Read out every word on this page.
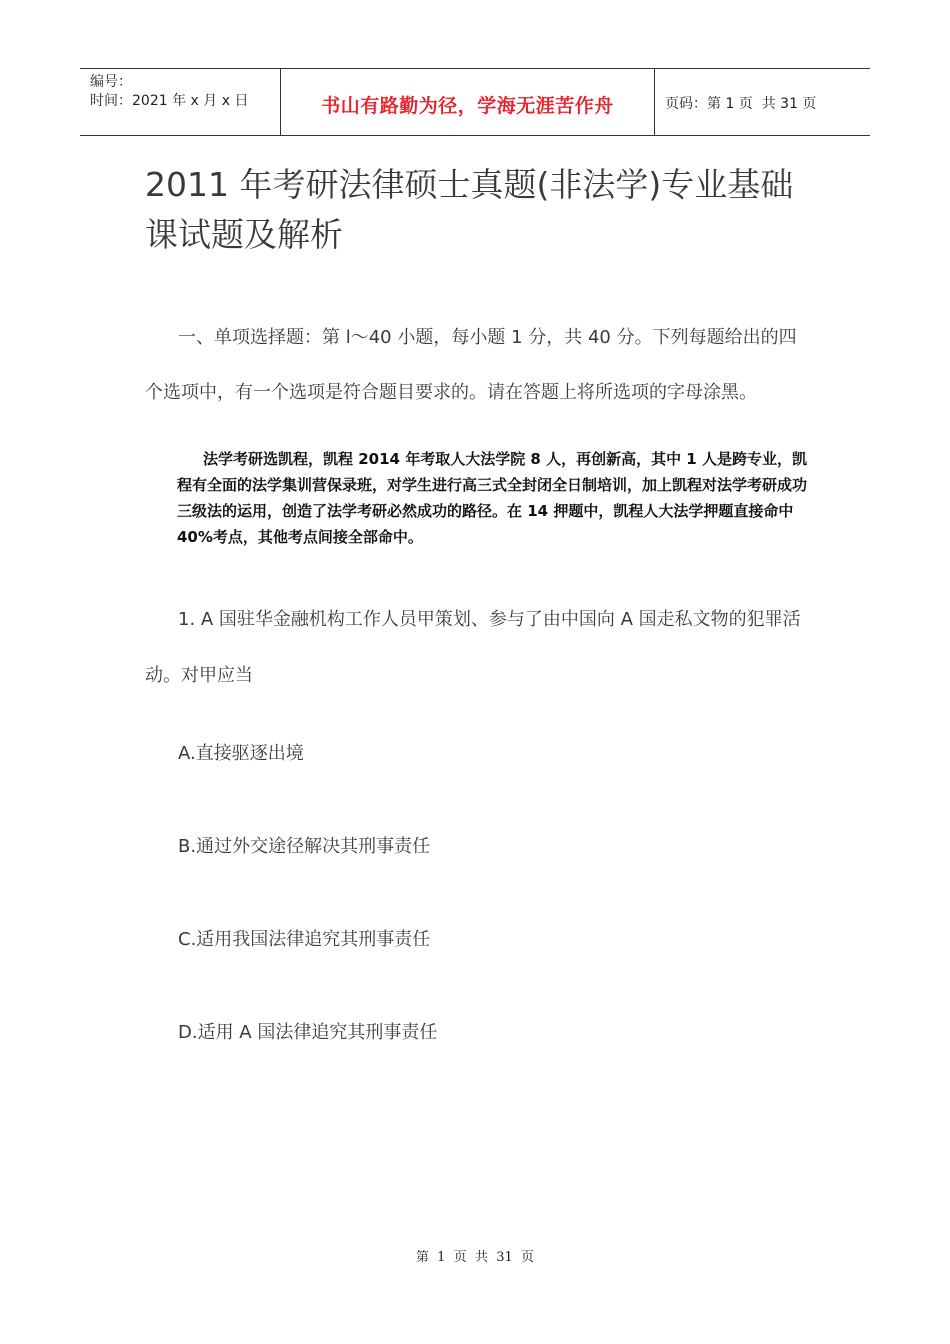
编号：
时间：2021 年 x 月 x 日	书山有路勤为径，学海无涯苦作舟	页码：第 1 页  共 31 页
2011 年考研法律硕士真题(非法学)专业基础课试题及解析

一、单项选择题：第 l～40 小题，每小题 1 分，共 40 分。下列每题给出的四个选项中，有一个选项是符合题目要求的。请在答题上将所选项的字母涂黑。

法学考研选凯程，凯程 2014 年考取人大法学院 8 人，再创新高，其中 1 人是跨专业，凯程有全面的法学集训营保录班，对学生进行高三式全封闭全日制培训，加上凯程对法学考研成功三级法的运用，创造了法学考研必然成功的路径。在 14 押题中，凯程人大法学押题直接命中 40%考点，其他考点间接全部命中。

1. A 国驻华金融机构工作人员甲策划、参与了由中国向 A 国走私文物的犯罪活动。对甲应当

A.直接驱逐出境

B.通过外交途径解决其刑事责任

C.适用我国法律追究其刑事责任

D.适用 A 国法律追究其刑事责任

第  1  页  共  31  页
